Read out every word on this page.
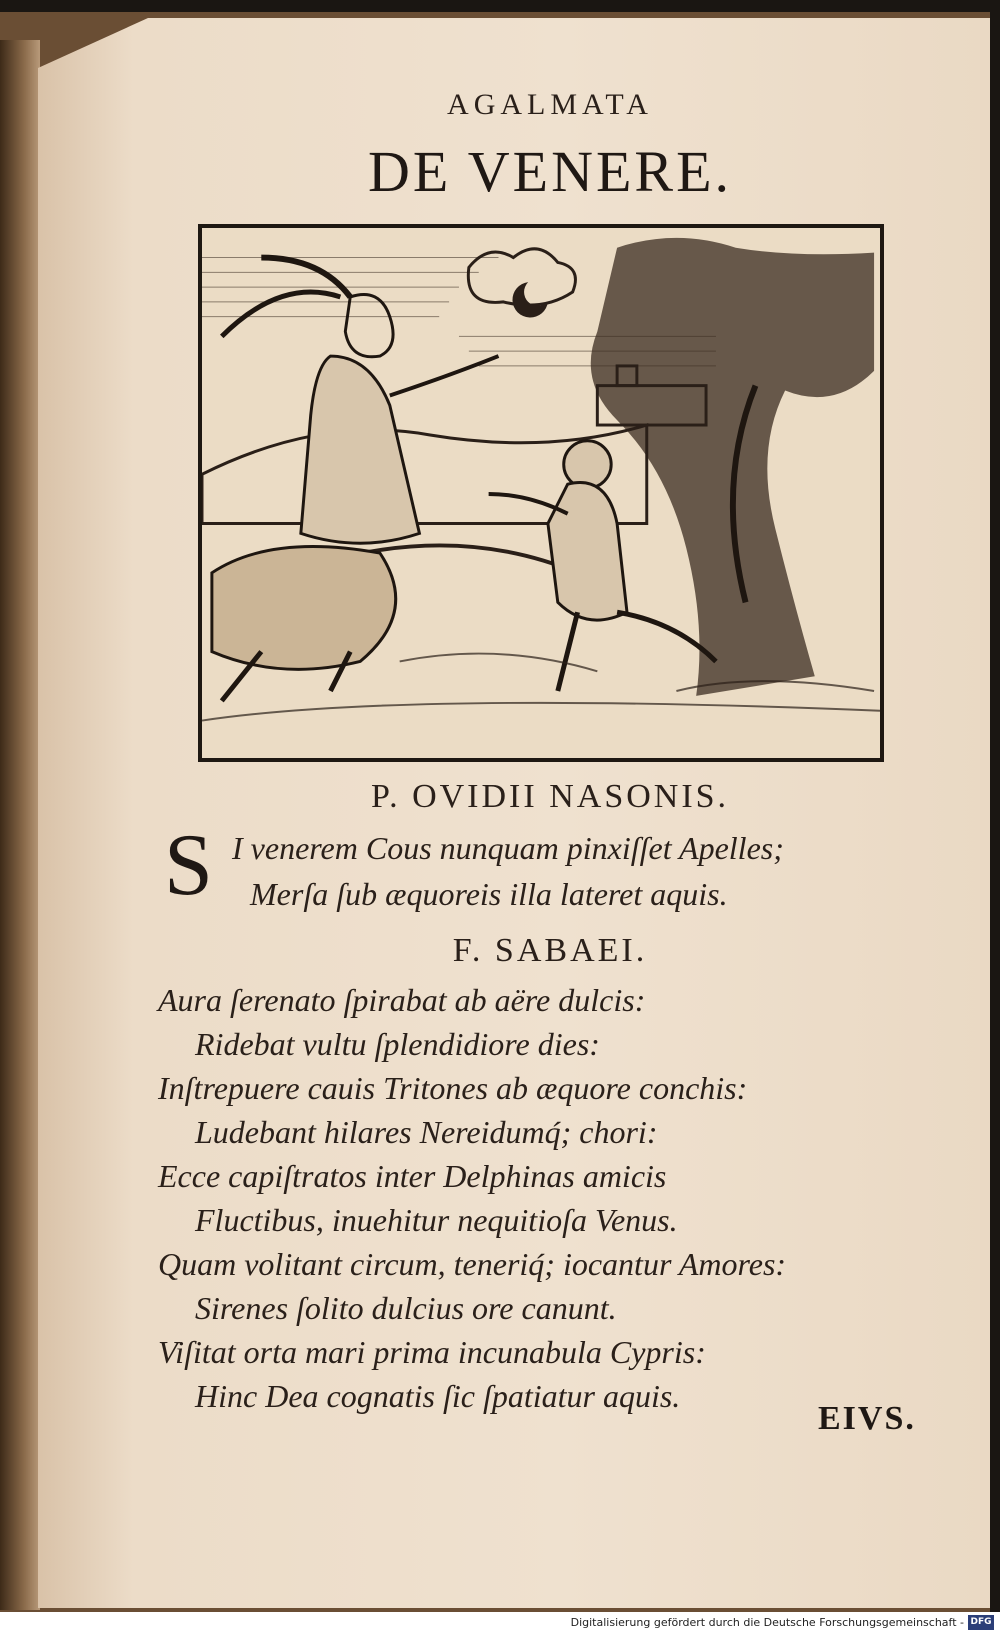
AGALMATA
DE VENERE.
P. OVIDII NASONIS.
S I venerem Cous nunquam pinxiſſet Apelles;
Merſa ſub æquoreis illa lateret aquis.
F. SABAEI.
Aura ſerenato ſpirabat ab aëre dulcis:
Ridebat vultu ſplendidiore dies:
Inſtrepuere cauis Tritones ab æquore conchis:
Ludebant hilares Nereidumq́; chori:
Ecce capiſtratos inter Delphinas amicis
Fluctibus, inuehitur nequitioſa Venus.
Quam volitant circum, teneriq́; iocantur Amores:
Sirenes ſolito dulcius ore canunt.
Viſitat orta mari prima incunabula Cypris:
Hinc Dea cognatis ſic ſpatiatur aquis.
EIVS.
Digitalisierung gefördert durch die Deutsche Forschungsgemeinschaft - DFG
